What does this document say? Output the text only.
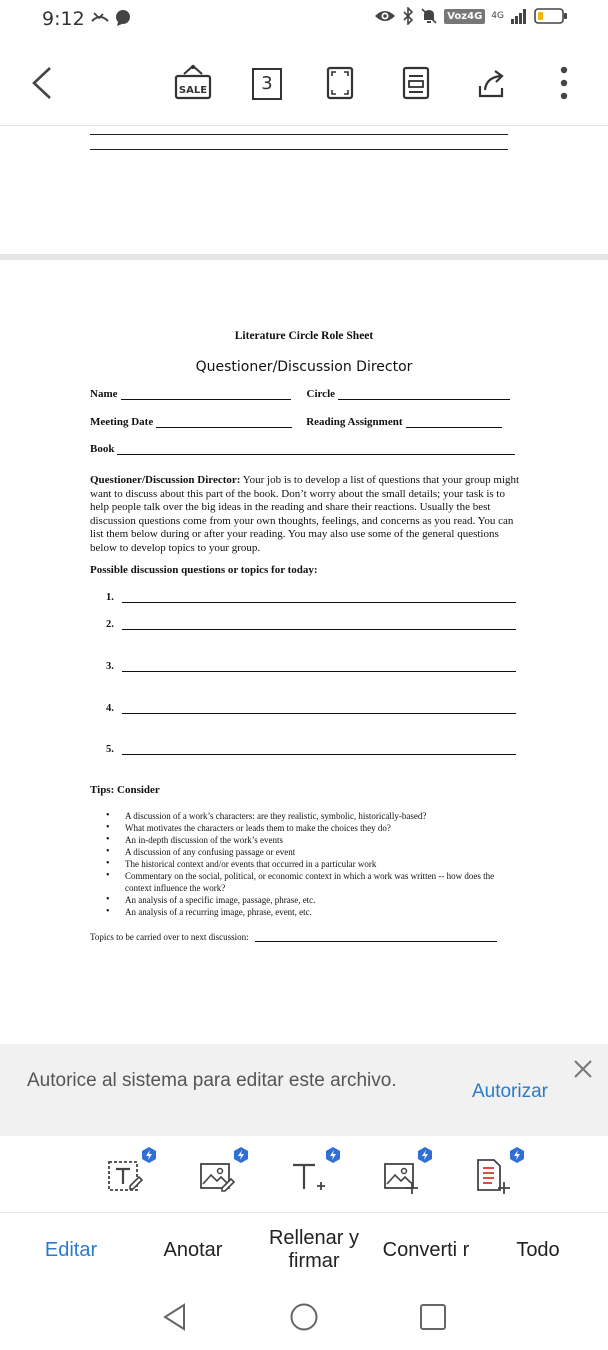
9:12	Voz4G	4G
SALE	3
Literature Circle Role Sheet
Questioner/Discussion Director
Name	Circle
Meeting Date	Reading Assignment
Book
Questioner/Discussion Director: Your job is to develop a list of questions that your group might want to discuss about this part of the book. Don’t worry about the small details; your task is to help people talk over the big ideas in the reading and share their reactions. Usually the best discussion questions come from your own thoughts, feelings, and concerns as you read. You can list them below during or after your reading. You may also use some of the general questions below to develop topics to your group.
Possible discussion questions or topics for today:
1.
2.
3.
4.
5.
Tips: Consider
• A discussion of a work’s characters: are they realistic, symbolic, historically-based?
• What motivates the characters or leads them to make the choices they do?
• An in-depth discussion of the work’s events
• A discussion of any confusing passage or event
• The historical context and/or events that occurred in a particular work
• Commentary on the social, political, or economic context in which a work was written -- how does the context influence the work?
• An analysis of a specific image, passage, phrase, etc.
• An analysis of a recurring image, phrase, event, etc.
Topics to be carried over to next discussion:
Autorice al sistema para editar este archivo.
Autorizar
Editar	Anotar
Rellenar y firmar
Converti r	Todo
